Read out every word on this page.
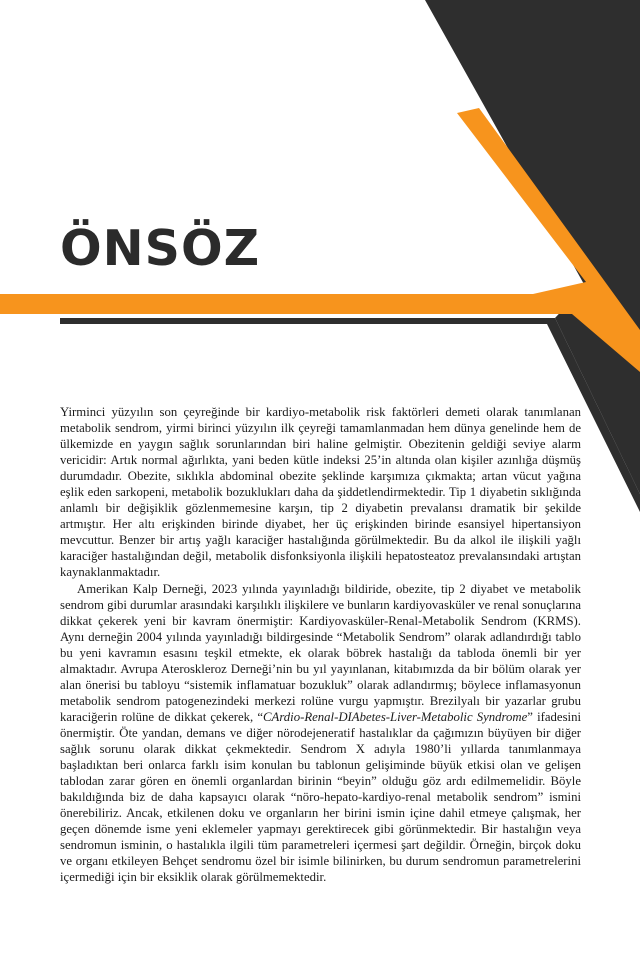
ÖNSÖZ

Yirminci yüzyılın son çeyreğinde bir kardiyo-metabolik risk faktörleri demeti olarak tanımlanan metabolik sendrom, yirmi birinci yüzyılın ilk çeyreği tamamlanmadan hem dünya genelinde hem de ülkemizde en yaygın sağlık sorunlarından biri haline gelmiştir. Obezitenin geldiği seviye alarm vericidir: Artık normal ağırlıkta, yani beden kütle indeksi 25’in altında olan kişiler azınlığa düşmüş durumdadır. Obezite, sıklıkla abdominal obezite şeklinde karşımıza çıkmakta; artan vücut yağına eşlik eden sarkopeni, metabolik bozuklukları daha da şiddetlendirmektedir. Tip 1 diyabetin sıklığında anlamlı bir değişiklik gözlenmemesine karşın, tip 2 diyabetin prevalansı dramatik bir şekilde artmıştır. Her altı erişkinden birinde diyabet, her üç erişkinden birinde esansiyel hipertansiyon mevcuttur. Benzer bir artış yağlı karaciğer hastalığında görülmektedir. Bu da alkol ile ilişkili yağlı karaciğer hastalığından değil, metabolik disfonksiyonla ilişkili hepatosteatoz prevalansındaki artıştan kaynaklanmaktadır.

Amerikan Kalp Derneği, 2023 yılında yayınladığı bildiride, obezite, tip 2 diyabet ve metabolik sendrom gibi durumlar arasındaki karşılıklı ilişkilere ve bunların kardiyovasküler ve renal sonuçlarına dikkat çekerek yeni bir kavram önermiştir: Kardiyovasküler-Renal-Metabolik Sendrom (KRMS). Aynı derneğin 2004 yılında yayınladığı bildirgesinde “Metabolik Sendrom” olarak adlandırdığı tablo bu yeni kavramın esasını teşkil etmekte, ek olarak böbrek hastalığı da tabloda önemli bir yer almaktadır. Avrupa Ateroskleroz Derneği’nin bu yıl yayınlanan, kitabımızda da bir bölüm olarak yer alan önerisi bu tabloyu “sistemik inflamatuar bozukluk” olarak adlandırmış; böylece inflamasyonun metabolik sendrom patogenezindeki merkezi rolüne vurgu yapmıştır. Brezilyalı bir yazarlar grubu karaciğerin rolüne de dikkat çekerek, “CArdio-Renal-DIAbetes-Liver-Metabolic Syndrome” ifadesini önermiştir. Öte yandan, demans ve diğer nörodejeneratif hastalıklar da çağımızın büyüyen bir diğer sağlık sorunu olarak dikkat çekmektedir. Sendrom X adıyla 1980’li yıllarda tanımlanmaya başladıktan beri onlarca farklı isim konulan bu tablonun gelişiminde büyük etkisi olan ve gelişen tablodan zarar gören en önemli organlardan birinin “beyin” olduğu göz ardı edilmemelidir. Böyle bakıldığında biz de daha kapsayıcı olarak “nöro-hepato-kardiyo-renal metabolik sendrom” ismini önerebiliriz. Ancak, etkilenen doku ve organların her birini ismin içine dahil etmeye çalışmak, her geçen dönemde isme yeni eklemeler yapmayı gerektirecek gibi görünmektedir. Bir hastalığın veya sendromun isminin, o hastalıkla ilgili tüm parametreleri içermesi şart değildir. Örneğin, birçok doku ve organı etkileyen Behçet sendromu özel bir isimle bilinirken, bu durum sendromun parametrelerini içermediği için bir eksiklik olarak görülmemektedir.
